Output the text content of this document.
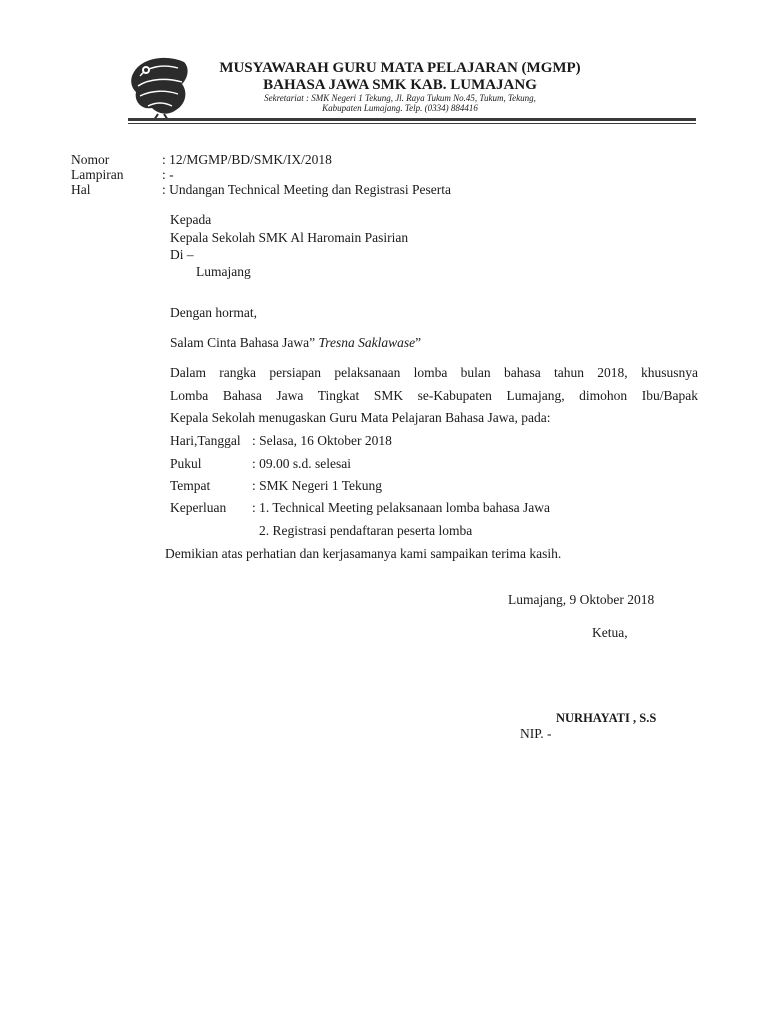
MUSYAWARAH GURU MATA PELAJARAN (MGMP)
BAHASA JAWA SMK KAB. LUMAJANG
Sekretariat : SMK Negeri 1 Tekung, Jl. Raya Tukum No.45, Tukum, Tekung,
Kabupaten Lumajang. Telp. (0334) 884416
Nomor	: 12/MGMP/BD/SMK/IX/2018
Lampiran	: -
Hal	: Undangan Technical Meeting dan Registrasi Peserta
Kepada
Kepala Sekolah SMK Al Haromain Pasirian
Di –
Lumajang
Dengan hormat,
Salam Cinta Bahasa Jawa” Tresna Saklawase”
Dalam rangka persiapan pelaksanaan lomba bulan bahasa tahun 2018, khususnya
Lomba Bahasa Jawa Tingkat SMK se-Kabupaten Lumajang, dimohon Ibu/Bapak
Kepala Sekolah menugaskan Guru Mata Pelajaran Bahasa Jawa, pada:
Hari,Tanggal : Selasa, 16 Oktober 2018
Pukul	: 09.00 s.d. selesai
Tempat	: SMK Negeri 1 Tekung
Keperluan : 1. Technical Meeting pelaksanaan lomba bahasa Jawa
2. Registrasi pendaftaran peserta lomba
Demikian atas perhatian dan kerjasamanya kami sampaikan terima kasih.
Lumajang, 9 Oktober 2018
Ketua,
NURHAYATI , S.S
NIP. -
